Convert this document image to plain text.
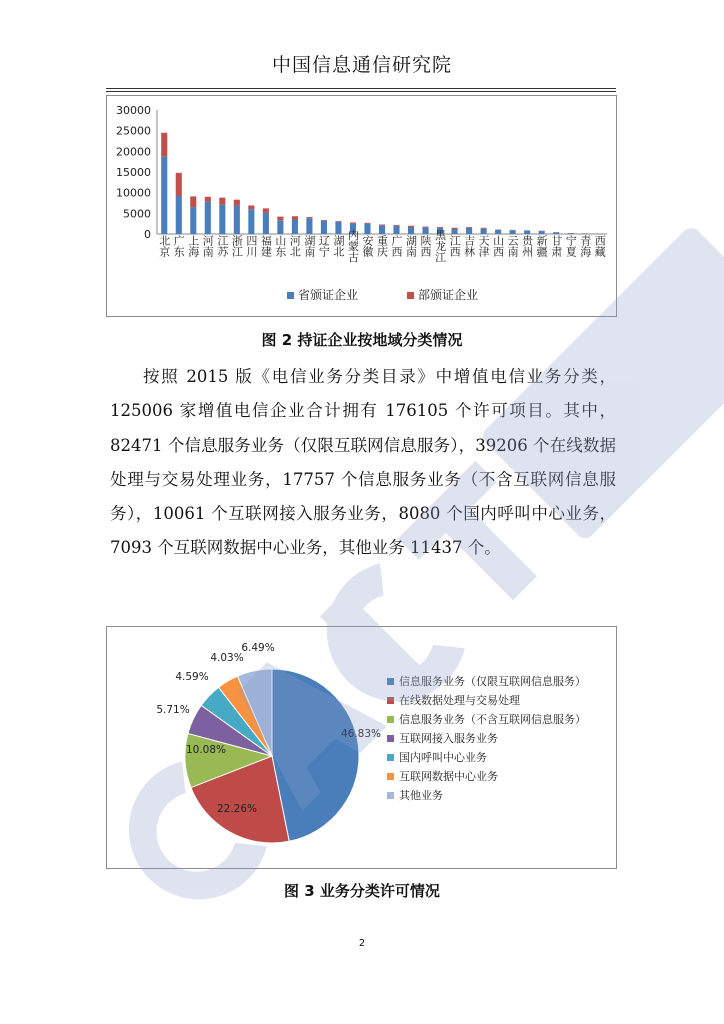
中国信息通信研究院
0
5000
10000
15000
20000
25000
30000
北京 广东 上海 河南 江苏 浙江 四川 福建 山东 河北 湖南 辽宁 湖北 内蒙古 安徽 重庆 广西 湖南 陕西 黑龙江 江西 吉林 天津 山西 云南 贵州 新疆 甘肃 宁夏 青海 西藏
省颁证企业	部颁证企业
图 2 持证企业按地域分类情况
按照 2015 版《电信业务分类目录》中增值电信业务分类，125006 家增值电信企业合计拥有 176105 个许可项目。其中，82471 个信息服务业务（仅限互联网信息服务），39206 个在线数据处理与交易处理业务，17757 个信息服务业务（不含互联网信息服务），10061 个互联网接入服务业务，8080 个国内呼叫中心业务，7093 个互联网数据中心业务，其他业务 11437 个。
46.83%
22.26%
10.08%
5.71%
4.59%
4.03%
6.49%
信息服务业务（仅限互联网信息服务）
在线数据处理与交易处理
信息服务业务（不含互联网信息服务）
互联网接入服务业务
国内呼叫中心业务
互联网数据中心业务
其他业务
图 3 业务分类许可情况
2
